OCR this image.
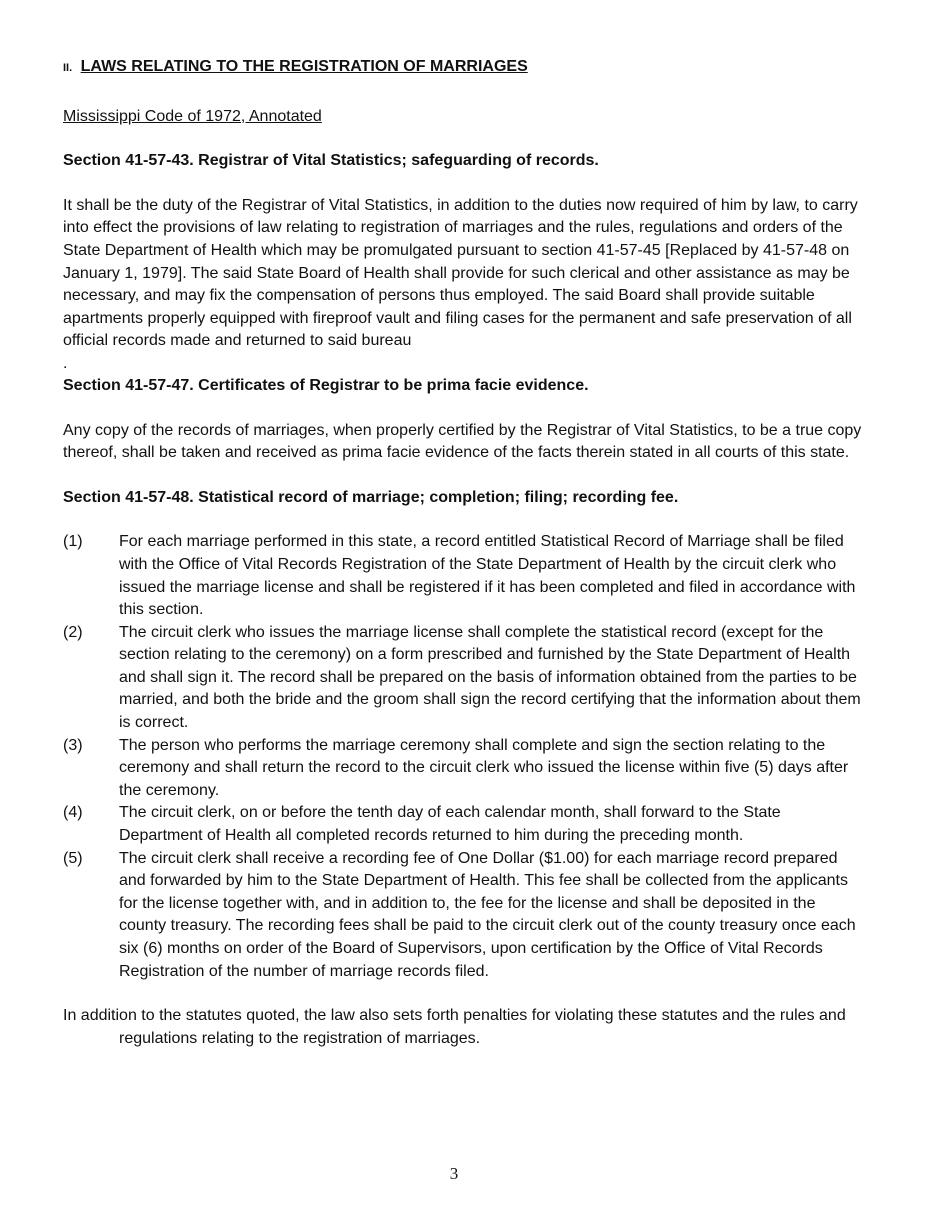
II. LAWS RELATING TO THE REGISTRATION OF MARRIAGES

Mississippi Code of 1972, Annotated
Section 41-57-43. Registrar of Vital Statistics; safeguarding of records.
It shall be the duty of the Registrar of Vital Statistics, in addition to the duties now required of him by law, to carry into effect the provisions of law relating to registration of marriages and the rules, regulations and orders of the State Department of Health which may be promulgated pursuant to section 41-57-45 [Replaced by 41-57-48 on January 1, 1979]. The said State Board of Health shall provide for such clerical and other assistance as may be necessary, and may fix the compensation of persons thus employed. The said Board shall provide suitable apartments properly equipped with fireproof vault and filing cases for the permanent and safe preservation of all official records made and returned to said bureau
.
Section 41-57-47. Certificates of Registrar to be prima facie evidence.
Any copy of the records of marriages, when properly certified by the Registrar of Vital Statistics, to be a true copy thereof, shall be taken and received as prima facie evidence of the facts therein stated in all courts of this state.
Section 41-57-48. Statistical record of marriage; completion; filing; recording fee.
(1)	For each marriage performed in this state, a record entitled Statistical Record of Marriage shall be filed with the Office of Vital Records Registration of the State Department of Health by the circuit clerk who issued the marriage license and shall be registered if it has been completed and filed in accordance with this section.
(2)	The circuit clerk who issues the marriage license shall complete the statistical record (except for the section relating to the ceremony) on a form prescribed and furnished by the State Department of Health and shall sign it. The record shall be prepared on the basis of information obtained from the parties to be married, and both the bride and the groom shall sign the record certifying that the information about them is correct.
(3)	The person who performs the marriage ceremony shall complete and sign the section relating to the ceremony and shall return the record to the circuit clerk who issued the license within five (5) days after the ceremony.
(4)	The circuit clerk, on or before the tenth day of each calendar month, shall forward to the State Department of Health all completed records returned to him during the preceding month.
(5)	The circuit clerk shall receive a recording fee of One Dollar ($1.00) for each marriage record prepared and forwarded by him to the State Department of Health. This fee shall be collected from the applicants for the license together with, and in addition to, the fee for the license and shall be deposited in the county treasury. The recording fees shall be paid to the circuit clerk out of the county treasury once each six (6) months on order of the Board of Supervisors, upon certification by the Office of Vital Records Registration of the number of marriage records filed.
In addition to the statutes quoted, the law also sets forth penalties for violating these statutes and the rules and regulations relating to the registration of marriages.
3
